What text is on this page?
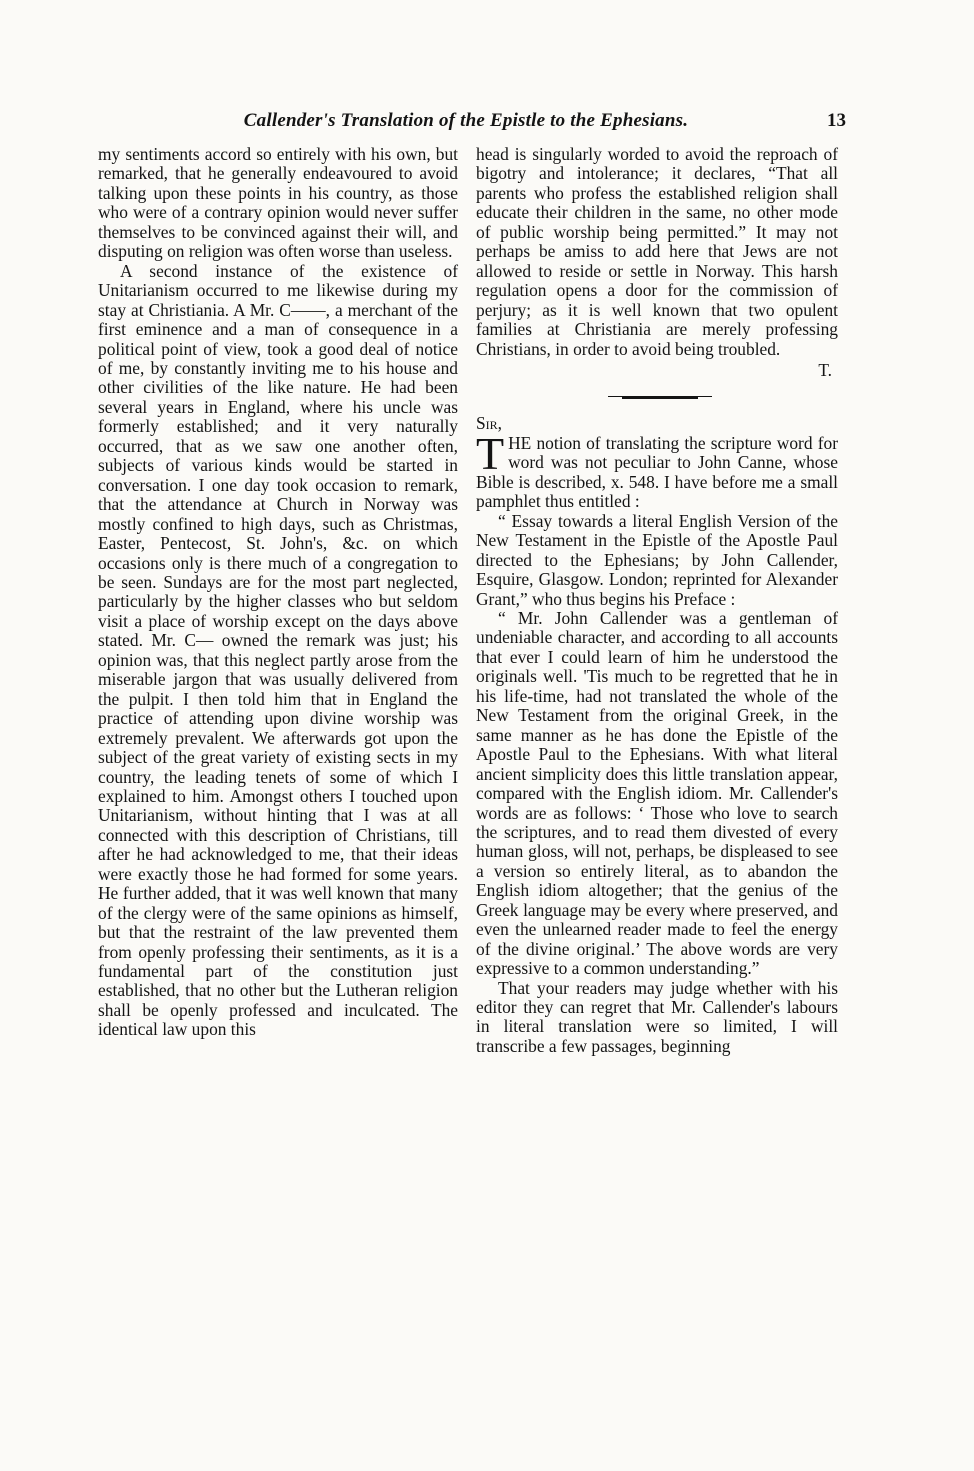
Callender's Translation of the Epistle to the Ephesians.	13

my sentiments accord so entirely with his own, but remarked, that he generally endeavoured to avoid talking upon these points in his country, as those who were of a contrary opinion would never suffer themselves to be convinced against their will, and disputing on religion was often worse than useless.

A second instance of the existence of Unitarianism occurred to me likewise during my stay at Christiania. A Mr. C——, a merchant of the first eminence and a man of consequence in a political point of view, took a good deal of notice of me, by constantly inviting me to his house and other civilities of the like nature. He had been several years in England, where his uncle was formerly established; and it very naturally occurred, that as we saw one another often, subjects of various kinds would be started in conversation. I one day took occasion to remark, that the attendance at Church in Norway was mostly confined to high days, such as Christmas, Easter, Pentecost, St. John's, &c. on which occasions only is there much of a congregation to be seen. Sundays are for the most part neglected, particularly by the higher classes who but seldom visit a place of worship except on the days above stated. Mr. C— owned the remark was just; his opinion was, that this neglect partly arose from the miserable jargon that was usually delivered from the pulpit. I then told him that in England the practice of attending upon divine worship was extremely prevalent. We afterwards got upon the subject of the great variety of existing sects in my country, the leading tenets of some of which I explained to him. Amongst others I touched upon Unitarianism, without hinting that I was at all connected with this description of Christians, till after he had acknowledged to me, that their ideas were exactly those he had formed for some years. He further added, that it was well known that many of the clergy were of the same opinions as himself, but that the restraint of the law prevented them from openly professing their sentiments, as it is a fundamental part of the constitution just established, that no other but the Lutheran religion shall be openly professed and inculcated. The identical law upon this

head is singularly worded to avoid the reproach of bigotry and intolerance; it declares, “That all parents who profess the established religion shall educate their children in the same, no other mode of public worship being permitted.” It may not perhaps be amiss to add here that Jews are not allowed to reside or settle in Norway. This harsh regulation opens a door for the commission of perjury; as it is well known that two opulent families at Christiania are merely professing Christians, in order to avoid being troubled.

T.

Sir,

THE notion of translating the scripture word for word was not peculiar to John Canne, whose Bible is described, x. 548. I have before me a small pamphlet thus entitled :

“ Essay towards a literal English Version of the New Testament in the Epistle of the Apostle Paul directed to the Ephesians; by John Callender, Esquire, Glasgow. London; reprinted for Alexander Grant,” who thus begins his Preface :

“ Mr. John Callender was a gentleman of undeniable character, and according to all accounts that ever I could learn of him he understood the originals well. 'Tis much to be regretted that he in his life-time, had not translated the whole of the New Testament from the original Greek, in the same manner as he has done the Epistle of the Apostle Paul to the Ephesians. With what literal ancient simplicity does this little translation appear, compared with the English idiom. Mr. Callender's words are as follows: ‘ Those who love to search the scriptures, and to read them divested of every human gloss, will not, perhaps, be displeased to see a version so entirely literal, as to abandon the English idiom altogether; that the genius of the Greek language may be every where preserved, and even the unlearned reader made to feel the energy of the divine original.’ The above words are very expressive to a common understanding.”

That your readers may judge whether with his editor they can regret that Mr. Callender's labours in literal translation were so limited, I will transcribe a few passages, beginning
